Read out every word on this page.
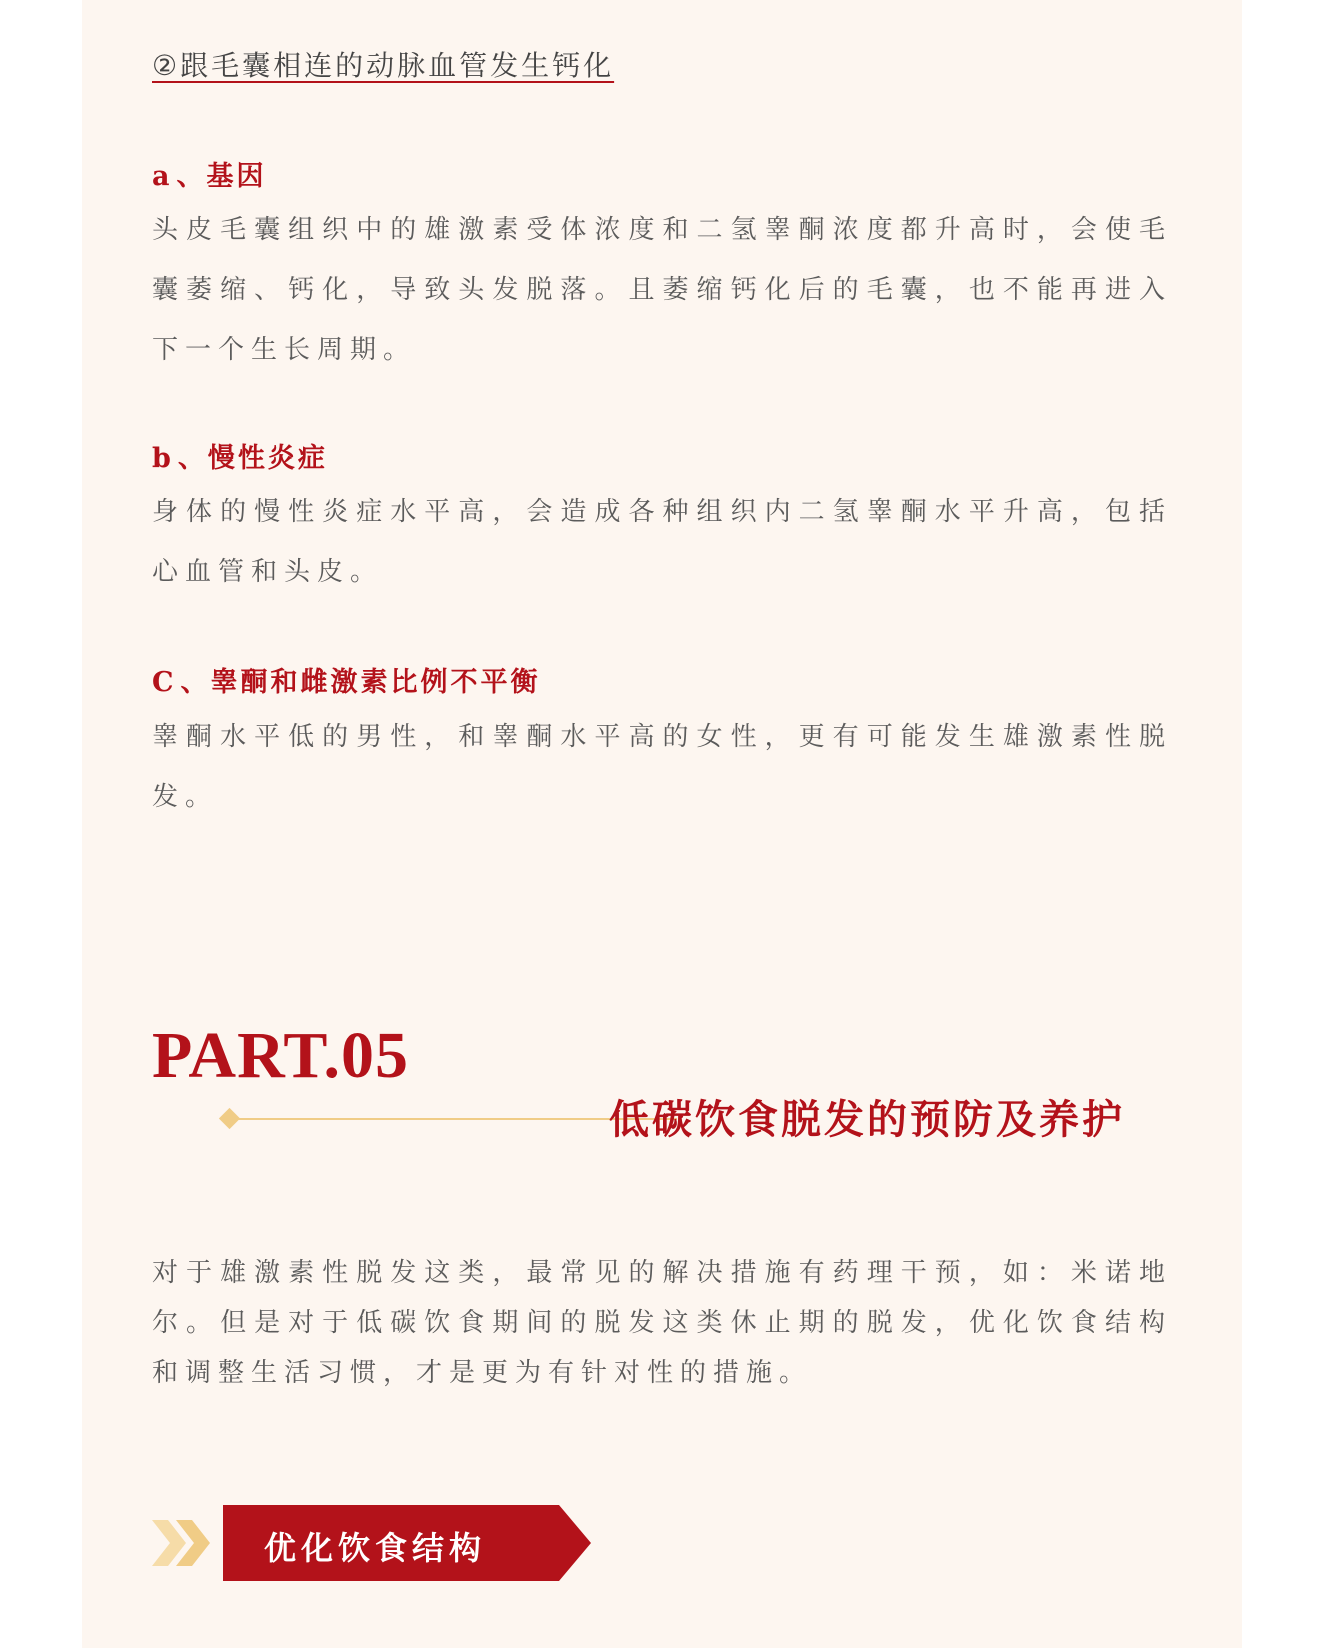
②跟毛囊相连的动脉血管发生钙化
a 、基因
头皮毛囊组织中的雄激素受体浓度和二氢睾酮浓度都升高时，会使毛囊萎缩、钙化，导致头发脱落。且萎缩钙化后的毛囊，也不能再进入下一个生长周期。
b 、慢性炎症
身体的慢性炎症水平高，会造成各种组织内二氢睾酮水平升高，包括心血管和头皮。
C 、睾酮和雌激素比例不平衡
睾酮水平低的男性，和睾酮水平高的女性，更有可能发生雄激素性脱发。
PART.05
低碳饮食脱发的预防及养护
对于雄激素性脱发这类，最常见的解决措施有药理干预，如：米诺地尔。但是对于低碳饮食期间的脱发这类休止期的脱发，优化饮食结构和调整生活习惯，才是更为有针对性的措施。
优化饮食结构
